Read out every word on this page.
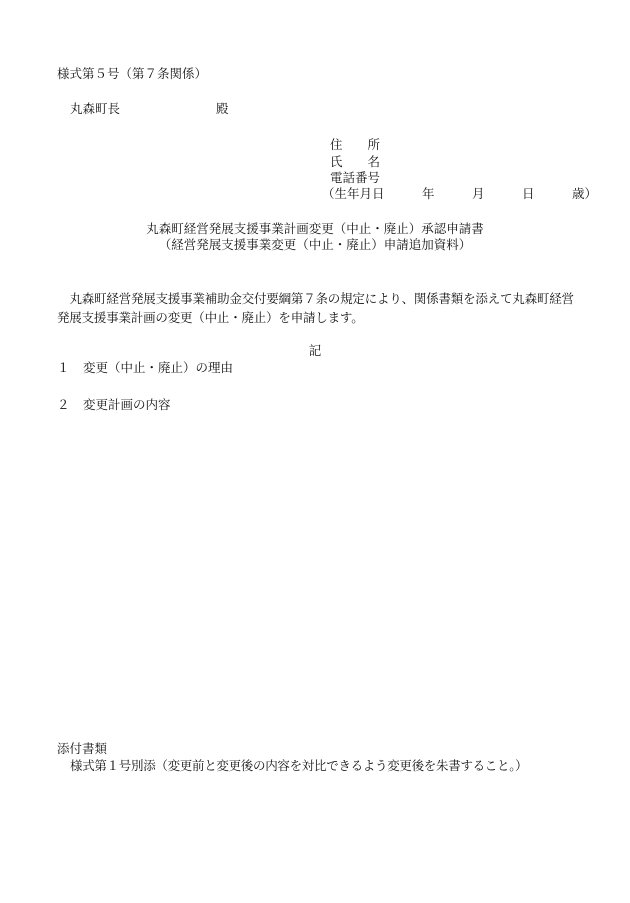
様式第５号（第７条関係）
丸森町長	殿
住　　所
氏　　名
電話番号
（生年月日　　　年　　　月　　　日　　　歳）
丸森町経営発展支援事業計画変更（中止・廃止）承認申請書
（経営発展支援事業変更（中止・廃止）申請追加資料）
丸森町経営発展支援事業補助金交付要綱第７条の規定により、関係書類を添えて丸森町経営発展支援事業計画の変更（中止・廃止）を申請します。
記
１ 変更（中止・廃止）の理由
２ 変更計画の内容
添付書類
様式第１号別添（変更前と変更後の内容を対比できるよう変更後を朱書すること。）
